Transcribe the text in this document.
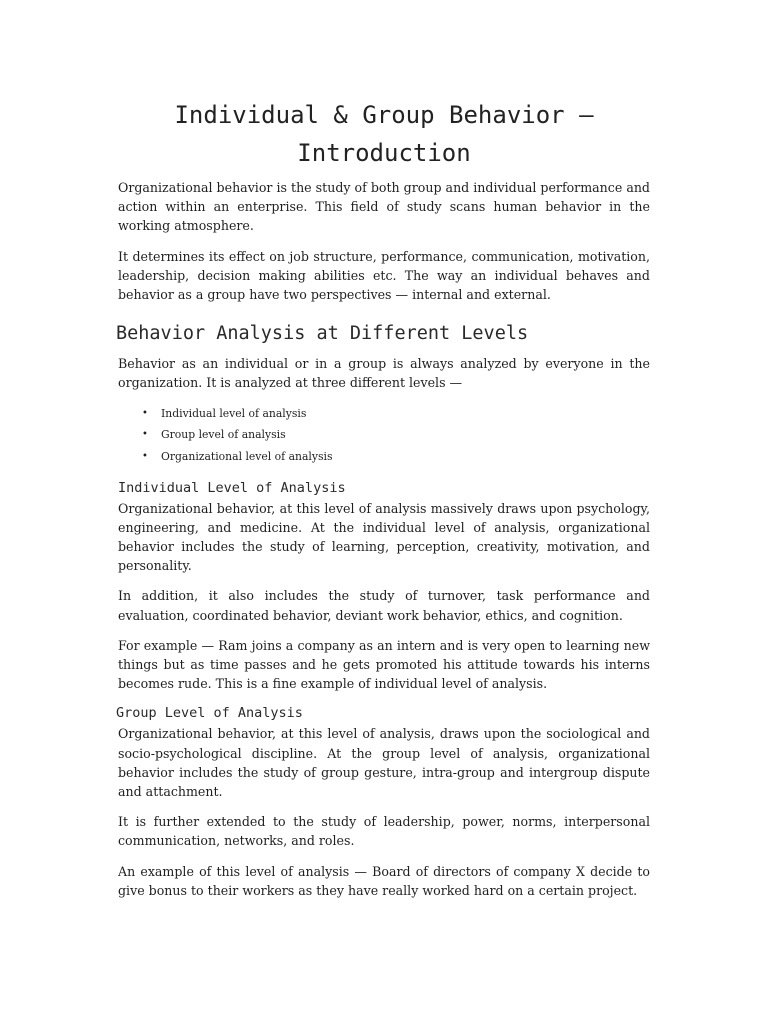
Individual & Group Behavior –
Introduction

Organizational behavior is the study of both group and individual performance and action within an enterprise. This field of study scans human behavior in the working atmosphere.

It determines its effect on job structure, performance, communication, motivation, leadership, decision making abilities etc. The way an individual behaves and behavior as a group have two perspectives — internal and external.

Behavior Analysis at Different Levels

Behavior as an individual or in a group is always analyzed by everyone in the organization. It is analyzed at three different levels —

• Individual level of analysis
• Group level of analysis
• Organizational level of analysis
Individual Level of Analysis

Organizational behavior, at this level of analysis massively draws upon psychology, engineering, and medicine. At the individual level of analysis, organizational behavior includes the study of learning, perception, creativity, motivation, and personality.

In addition, it also includes the study of turnover, task performance and evaluation, coordinated behavior, deviant work behavior, ethics, and cognition.

For example — Ram joins a company as an intern and is very open to learning new things but as time passes and he gets promoted his attitude towards his interns becomes rude. This is a fine example of individual level of analysis.

Group Level of Analysis

Organizational behavior, at this level of analysis, draws upon the sociological and socio-psychological discipline. At the group level of analysis, organizational behavior includes the study of group gesture, intra-group and intergroup dispute and attachment.

It is further extended to the study of leadership, power, norms, interpersonal communication, networks, and roles.

An example of this level of analysis — Board of directors of company X decide to give bonus to their workers as they have really worked hard on a certain project.
